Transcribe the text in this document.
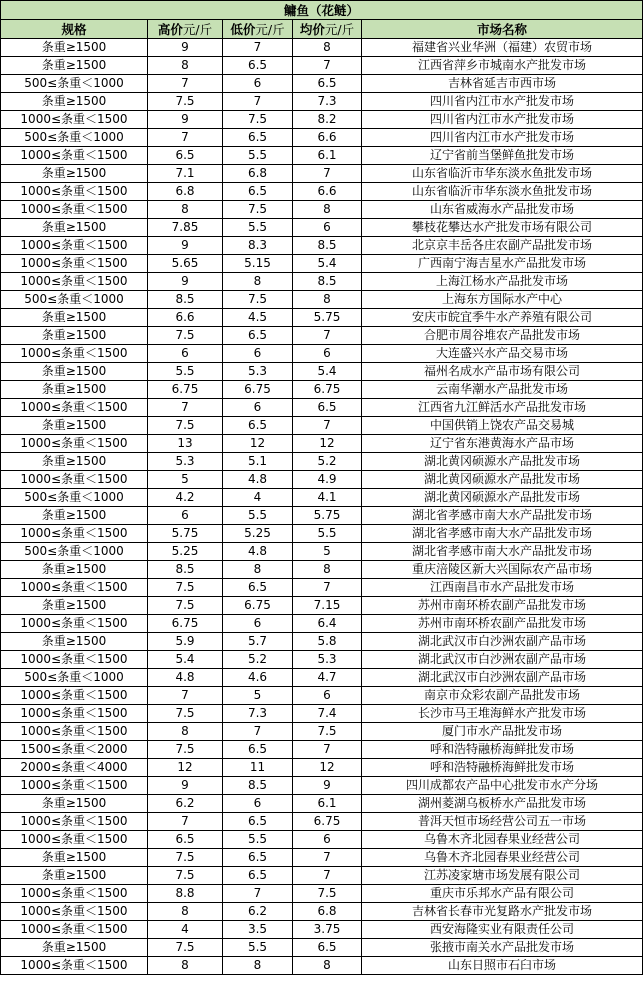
鳙鱼（花鲢）				
规格	高价元/斤	低价元/斤	均价元/斤	市场名称
条重≥1500	9	7	8	福建省兴业华洲（福建）农贸市场
条重≥1500	8	6.5	7	江西省萍乡市城南水产批发市场
500≤条重＜1000	7	6	6.5	吉林省延吉市西市场
条重≥1500	7.5	7	7.3	四川省内江市水产批发市场
1000≤条重＜1500	9	7.5	8.2	四川省内江市水产批发市场
500≤条重＜1000	7	6.5	6.6	四川省内江市水产批发市场
1000≤条重＜1500	6.5	5.5	6.1	辽宁省前当堡鲜鱼批发市场
条重≥1500	7.1	6.8	7	山东省临沂市华东淡水鱼批发市场
1000≤条重＜1500	6.8	6.5	6.6	山东省临沂市华东淡水鱼批发市场
1000≤条重＜1500	8	7.5	8	山东省威海水产品批发市场
条重≥1500	7.85	5.5	6	攀枝花攀达水产批发市场有限公司
1000≤条重＜1500	9	8.3	8.5	北京京丰岳各庄农副产品批发市场
1000≤条重＜1500	5.65	5.15	5.4	广西南宁海吉星水产品批发市场
1000≤条重＜1500	9	8	8.5	上海江杨水产品批发市场
500≤条重＜1000	8.5	7.5	8	上海东方国际水产中心
条重≥1500	6.6	4.5	5.75	安庆市皖宜季牛水产养殖有限公司
条重≥1500	7.5	6.5	7	合肥市周谷堆农产品批发市场
1000≤条重＜1500	6	6	6	大连盛兴水产品交易市场
条重≥1500	5.5	5.3	5.4	福州名成水产品市场有限公司
条重≥1500	6.75	6.75	6.75	云南华潮水产品批发市场
1000≤条重＜1500	7	6	6.5	江西省九江鲜活水产品批发市场
条重≥1500	7.5	6.5	7	中国供销上饶农产品交易城
1000≤条重＜1500	13	12	12	辽宁省东港黄海水产品市场
条重≥1500	5.3	5.1	5.2	湖北黄冈硕源水产品批发市场
1000≤条重＜1500	5	4.8	4.9	湖北黄冈硕源水产品批发市场
500≤条重＜1000	4.2	4	4.1	湖北黄冈硕源水产品批发市场
条重≥1500	6	5.5	5.75	湖北省孝感市南大水产品批发市场
1000≤条重＜1500	5.75	5.25	5.5	湖北省孝感市南大水产品批发市场
500≤条重＜1000	5.25	4.8	5	湖北省孝感市南大水产品批发市场
条重≥1500	8.5	8	8	重庆涪陵区新大兴国际农产品市场
1000≤条重＜1500	7.5	6.5	7	江西南昌市水产品批发市场
条重≥1500	7.5	6.75	7.15	苏州市南环桥农副产品批发市场
1000≤条重＜1500	6.75	6	6.4	苏州市南环桥农副产品批发市场
条重≥1500	5.9	5.7	5.8	湖北武汉市白沙洲农副产品市场
1000≤条重＜1500	5.4	5.2	5.3	湖北武汉市白沙洲农副产品市场
500≤条重＜1000	4.8	4.6	4.7	湖北武汉市白沙洲农副产品市场
1000≤条重＜1500	7	5	6	南京市众彩农副产品批发市场
1000≤条重＜1500	7.5	7.3	7.4	长沙市马王堆海鲜水产批发市场
1000≤条重＜1500	8	7	7.5	厦门市水产品批发市场
1500≤条重＜2000	7.5	6.5	7	呼和浩特融桥海鲜批发市场
2000≤条重＜4000	12	11	12	呼和浩特融桥海鲜批发市场
1000≤条重＜1500	9	8.5	9	四川成都农产品中心批发市水产分场
条重≥1500	6.2	6	6.1	湖州菱湖乌板桥水产品批发市场
1000≤条重＜1500	7	6.5	6.75	普洱天恒市场经营公司五一市场
1000≤条重＜1500	6.5	5.5	6	乌鲁木齐北园春果业经营公司
条重≥1500	7.5	6.5	7	乌鲁木齐北园春果业经营公司
条重≥1500	7.5	6.5	7	江苏凌家塘市场发展有限公司
1000≤条重＜1500	8.8	7	7.5	重庆市乐邦水产品有限公司
1000≤条重＜1500	8	6.2	6.8	吉林省长春市光复路水产批发市场
1000≤条重＜1500	4	3.5	3.75	西安海隆实业有限责任公司
条重≥1500	7.5	5.5	6.5	张掖市南关水产品批发市场
1000≤条重＜1500	8	8	8	山东日照市石臼市场
